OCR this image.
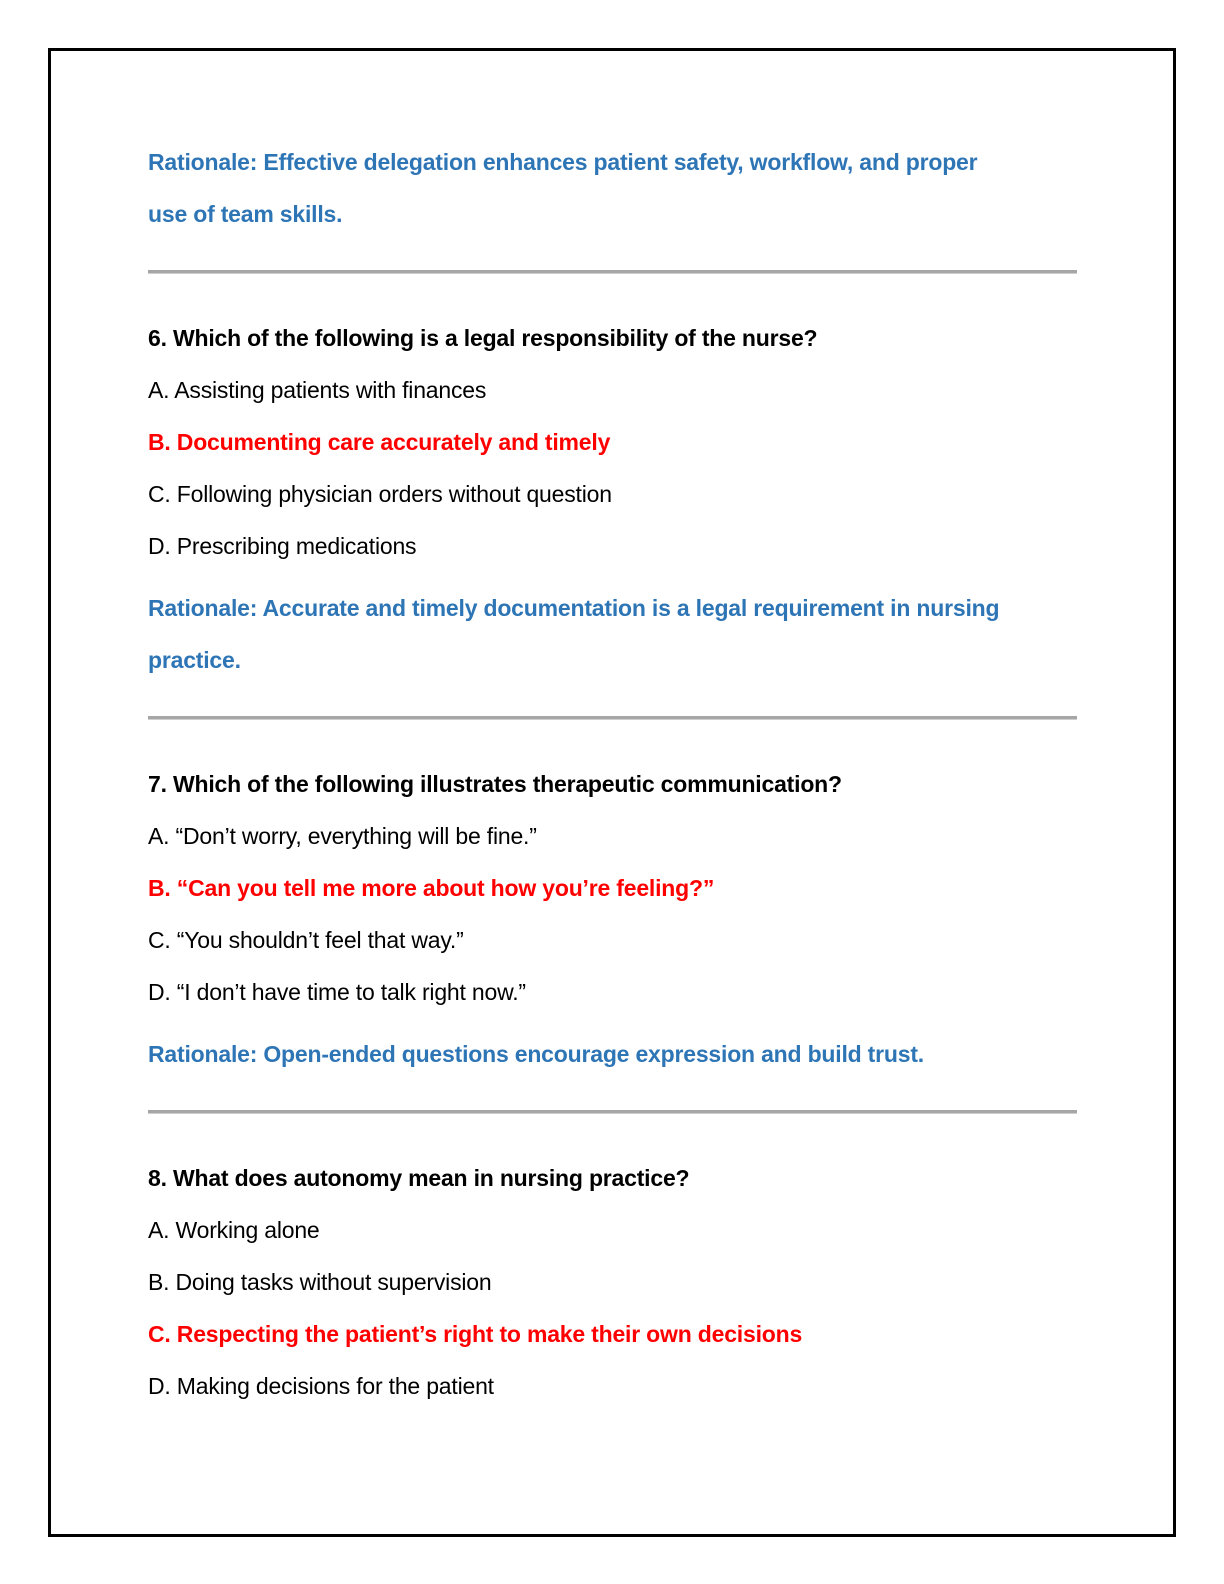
Rationale: Effective delegation enhances patient safety, workflow, and proper
use of team skills.
6. Which of the following is a legal responsibility of the nurse?
A. Assisting patients with finances
B. Documenting care accurately and timely
C. Following physician orders without question
D. Prescribing medications
Rationale: Accurate and timely documentation is a legal requirement in nursing
practice.
7. Which of the following illustrates therapeutic communication?
A. “Don’t worry, everything will be fine.”
B. “Can you tell me more about how you’re feeling?”
C. “You shouldn’t feel that way.”
D. “I don’t have time to talk right now.”
Rationale: Open-ended questions encourage expression and build trust.
8. What does autonomy mean in nursing practice?
A. Working alone
B. Doing tasks without supervision
C. Respecting the patient’s right to make their own decisions
D. Making decisions for the patient
